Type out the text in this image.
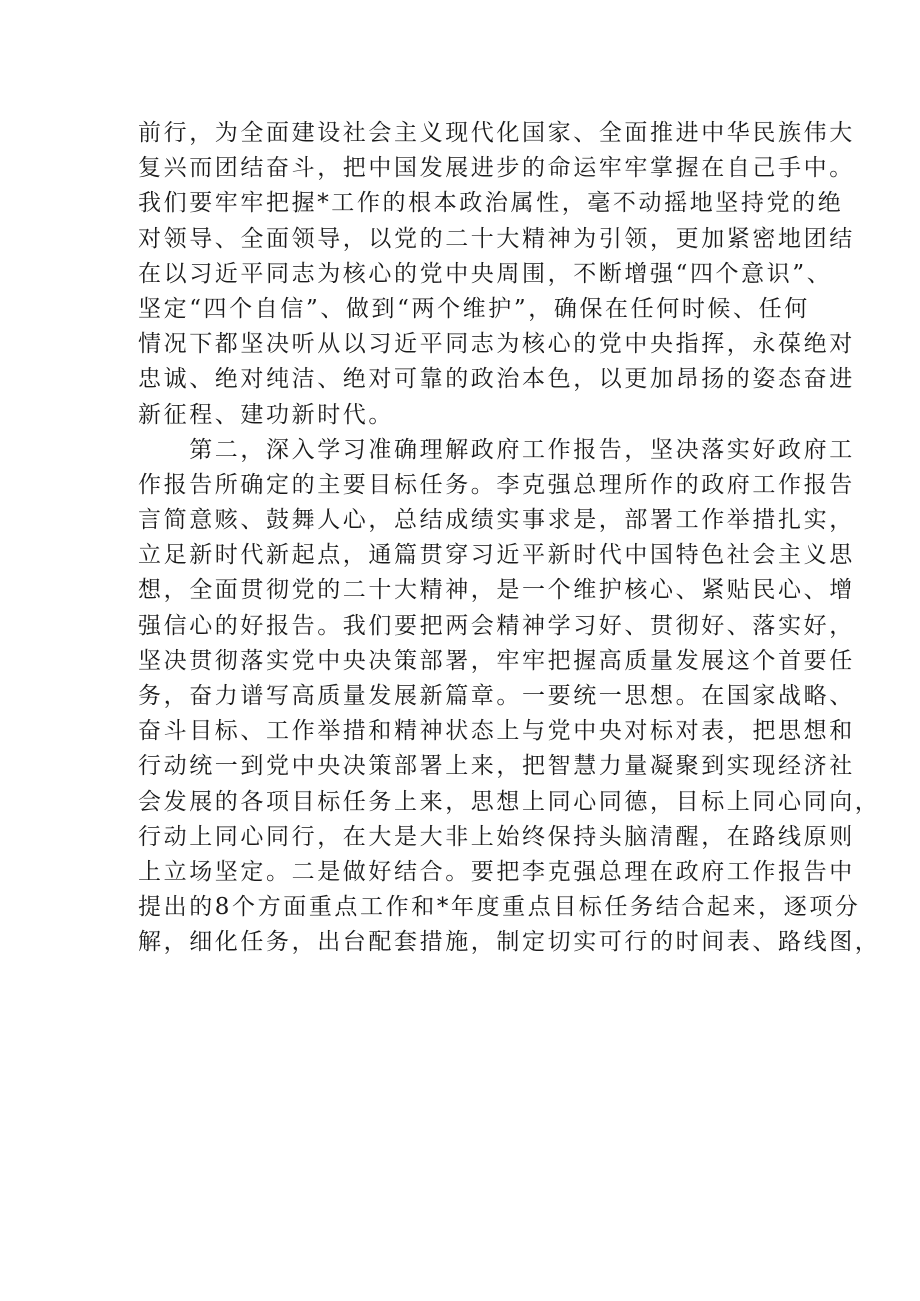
前行，为全面建设社会主义现代化国家、全面推进中华民族伟大
复兴而团结奋斗，把中国发展进步的命运牢牢掌握在自己手中。
我们要牢牢把握*工作的根本政治属性，毫不动摇地坚持党的绝
对领导、全面领导，以党的二十大精神为引领，更加紧密地团结
在以习近平同志为核心的党中央周围，不断增强“四个意识”、
坚定“四个自信”、做到“两个维护”，确保在任何时候、任何
情况下都坚决听从以习近平同志为核心的党中央指挥，永葆绝对
忠诚、绝对纯洁、绝对可靠的政治本色，以更加昂扬的姿态奋进
新征程、建功新时代。
　　第二，深入学习准确理解政府工作报告，坚决落实好政府工
作报告所确定的主要目标任务。李克强总理所作的政府工作报告
言简意赅、鼓舞人心，总结成绩实事求是，部署工作举措扎实，
立足新时代新起点，通篇贯穿习近平新时代中国特色社会主义思
想，全面贯彻党的二十大精神，是一个维护核心、紧贴民心、增
强信心的好报告。我们要把两会精神学习好、贯彻好、落实好，
坚决贯彻落实党中央决策部署，牢牢把握高质量发展这个首要任
务，奋力谱写高质量发展新篇章。一要统一思想。在国家战略、
奋斗目标、工作举措和精神状态上与党中央对标对表，把思想和
行动统一到党中央决策部署上来，把智慧力量凝聚到实现经济社
会发展的各项目标任务上来，思想上同心同德，目标上同心同向，
行动上同心同行，在大是大非上始终保持头脑清醒，在路线原则
上立场坚定。二是做好结合。要把李克强总理在政府工作报告中
提出的8个方面重点工作和*年度重点目标任务结合起来，逐项分
解，细化任务，出台配套措施，制定切实可行的时间表、路线图，
